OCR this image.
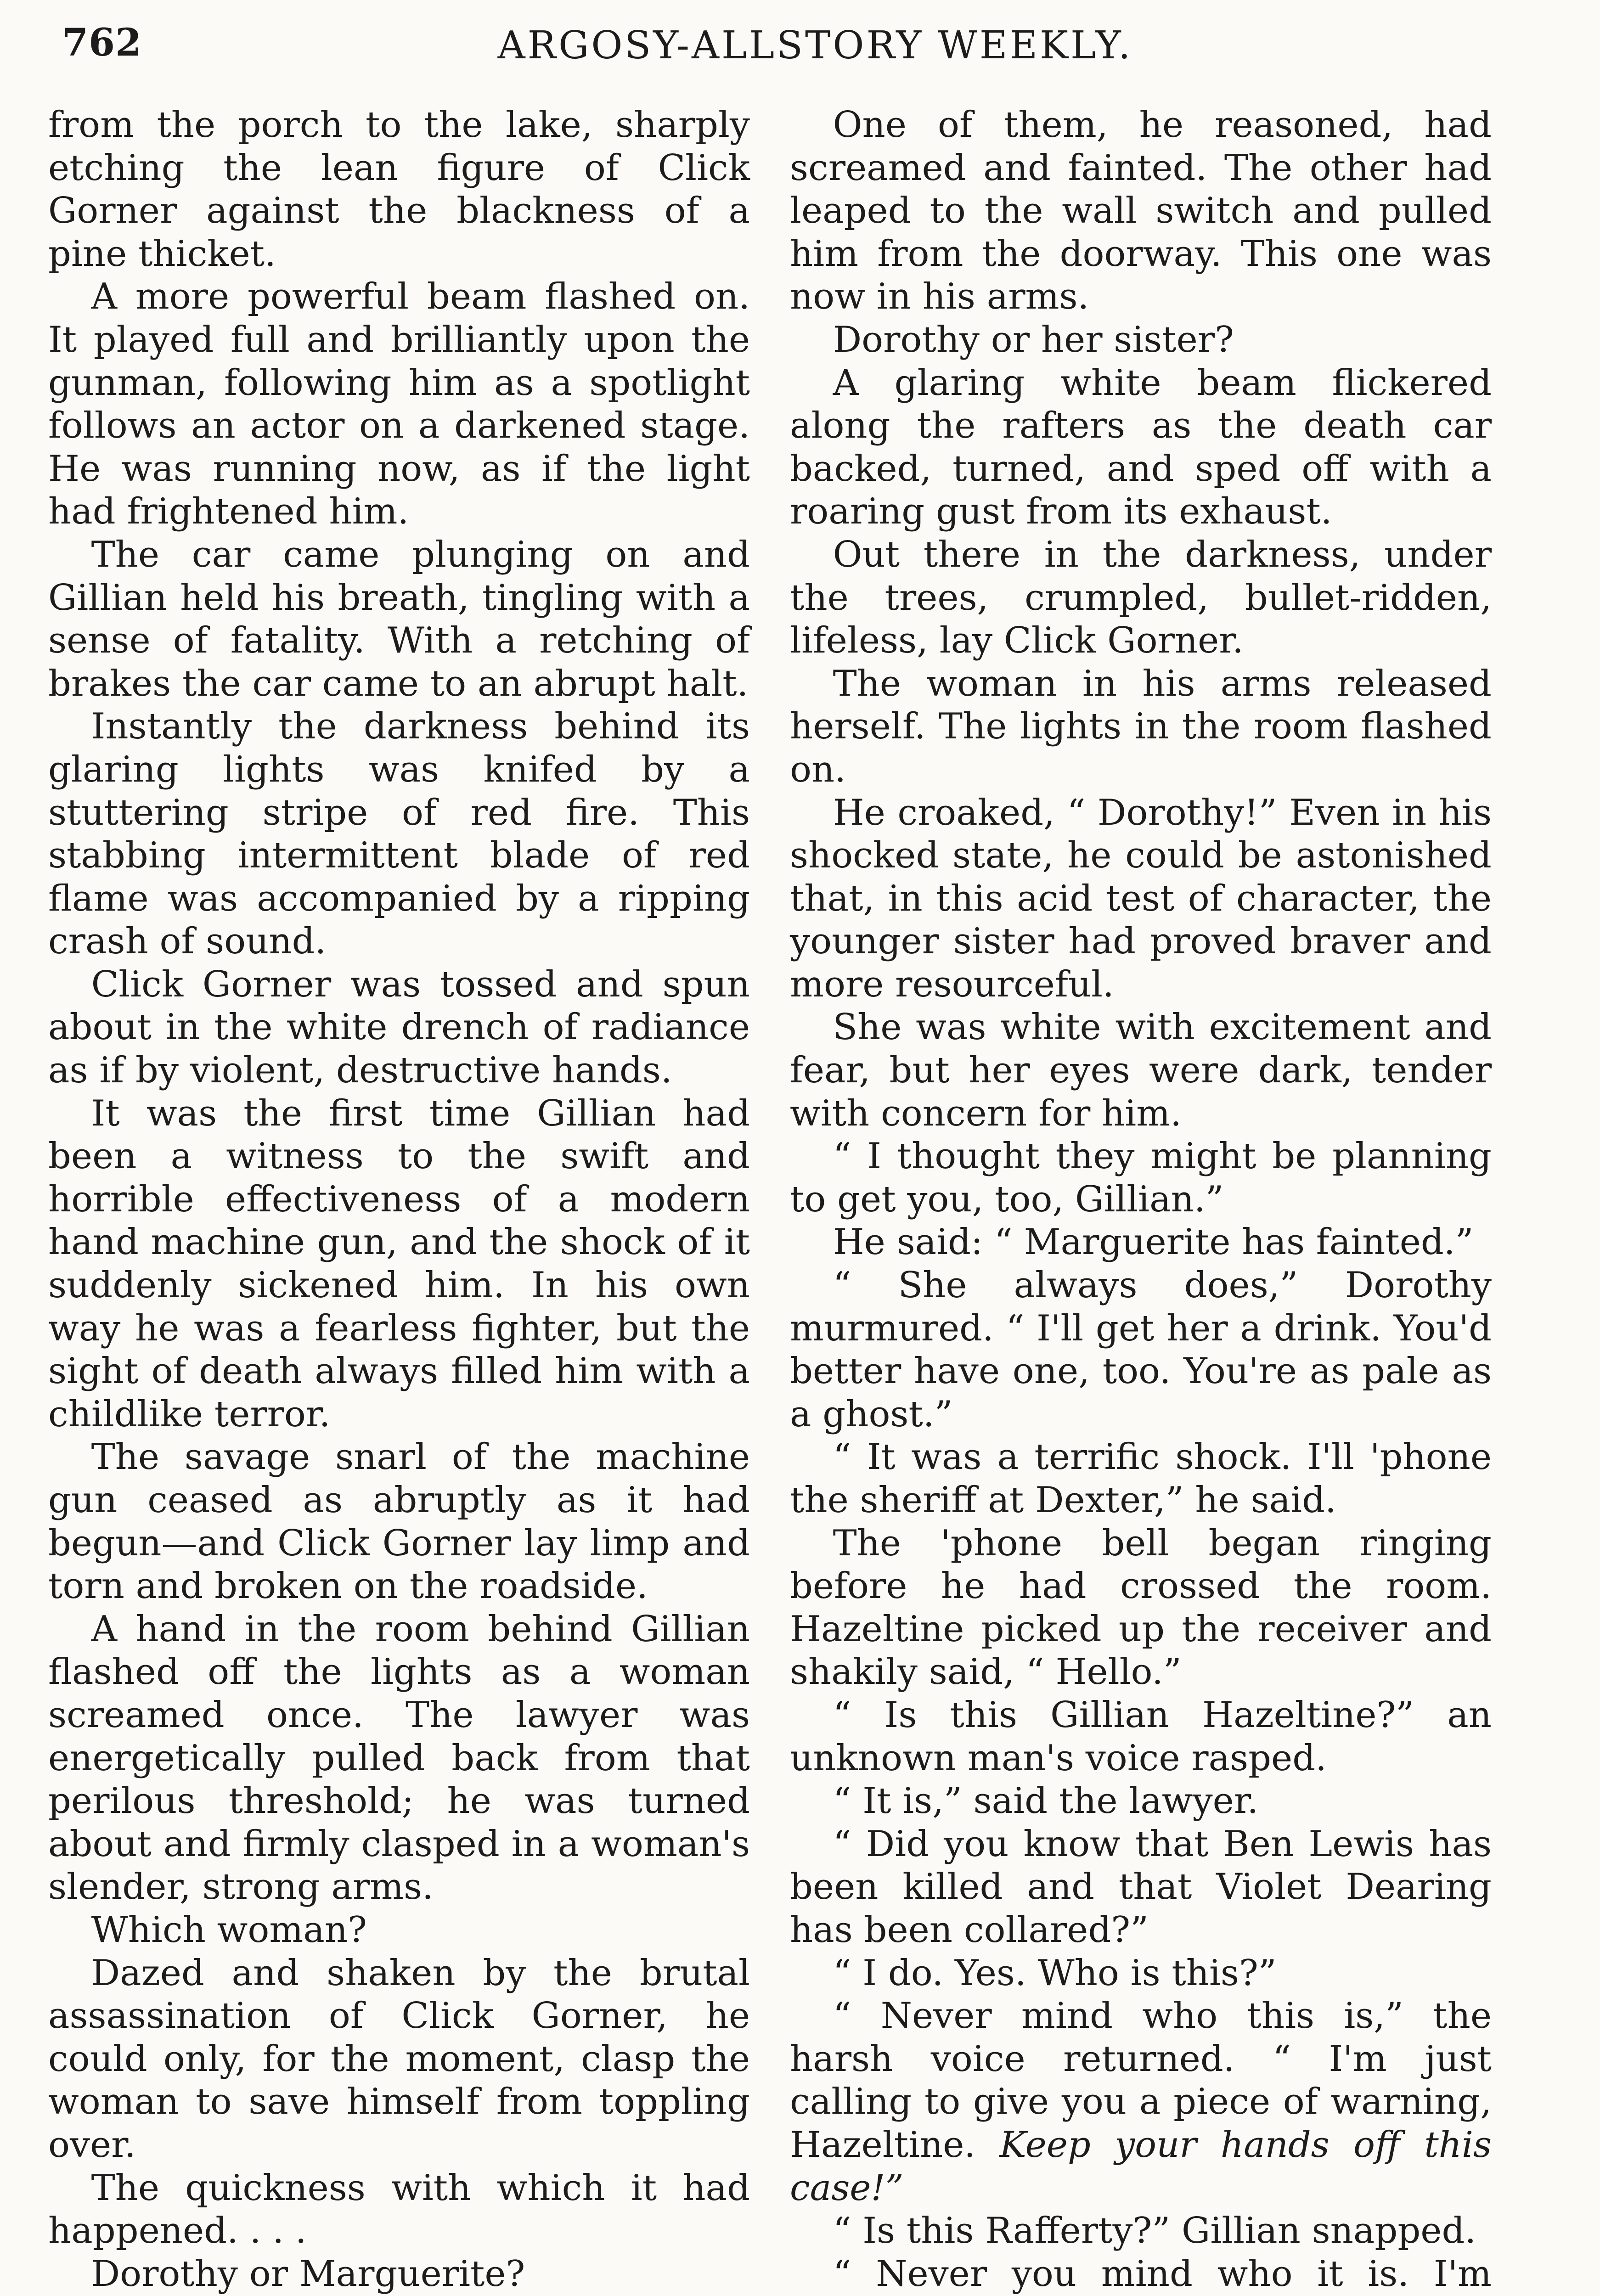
762	ARGOSY-ALLSTORY WEEKLY.

from the porch to the lake, sharply etching the lean figure of Click Gorner against the blackness of a pine thicket.

A more powerful beam flashed on. It played full and brilliantly upon the gunman, following him as a spotlight follows an actor on a darkened stage. He was running now, as if the light had frightened him.

The car came plunging on and Gillian held his breath, tingling with a sense of fatality. With a retching of brakes the car came to an abrupt halt.

Instantly the darkness behind its glaring lights was knifed by a stuttering stripe of red fire. This stabbing intermittent blade of red flame was accompanied by a ripping crash of sound.

Click Gorner was tossed and spun about in the white drench of radiance as if by violent, destructive hands.

It was the first time Gillian had been a witness to the swift and horrible effectiveness of a modern hand machine gun, and the shock of it suddenly sickened him. In his own way he was a fearless fighter, but the sight of death always filled him with a childlike terror.

The savage snarl of the machine gun ceased as abruptly as it had begun—and Click Gorner lay limp and torn and broken on the roadside.

A hand in the room behind Gillian flashed off the lights as a woman screamed once. The lawyer was energetically pulled back from that perilous threshold; he was turned about and firmly clasped in a woman's slender, strong arms.

Which woman?

Dazed and shaken by the brutal assassination of Click Gorner, he could only, for the moment, clasp the woman to save himself from toppling over.

The quickness with which it had happened. . . .

Dorothy or Marguerite?

One of them, he reasoned, had screamed and fainted. The other had leaped to the wall switch and pulled him from the doorway. This one was now in his arms.

Dorothy or her sister?

A glaring white beam flickered along the rafters as the death car backed, turned, and sped off with a roaring gust from its exhaust.

Out there in the darkness, under the trees, crumpled, bullet-ridden, lifeless, lay Click Gorner.

The woman in his arms released herself. The lights in the room flashed on.

He croaked, “ Dorothy!” Even in his shocked state, he could be astonished that, in this acid test of character, the younger sister had proved braver and more resourceful.

She was white with excitement and fear, but her eyes were dark, tender with concern for him.

“ I thought they might be planning to get you, too, Gillian.”

He said: “ Marguerite has fainted.”

“ She always does,” Dorothy murmured. “ I'll get her a drink. You'd better have one, too. You're as pale as a ghost.”

“ It was a terrific shock. I'll 'phone the sheriff at Dexter,” he said.

The 'phone bell began ringing before he had crossed the room. Hazeltine picked up the receiver and shakily said, “ Hello.”

“ Is this Gillian Hazeltine?” an unknown man's voice rasped.

“ It is,” said the lawyer.

“ Did you know that Ben Lewis has been killed and that Violet Dearing has been collared?”

“ I do. Yes. Who is this?”

“ Never mind who this is,” the harsh voice returned. “ I'm just calling to give you a piece of warning, Hazeltine. Keep your hands off this case!”

“ Is this Rafferty?” Gillian snapped.

“ Never you mind who it is. I'm
